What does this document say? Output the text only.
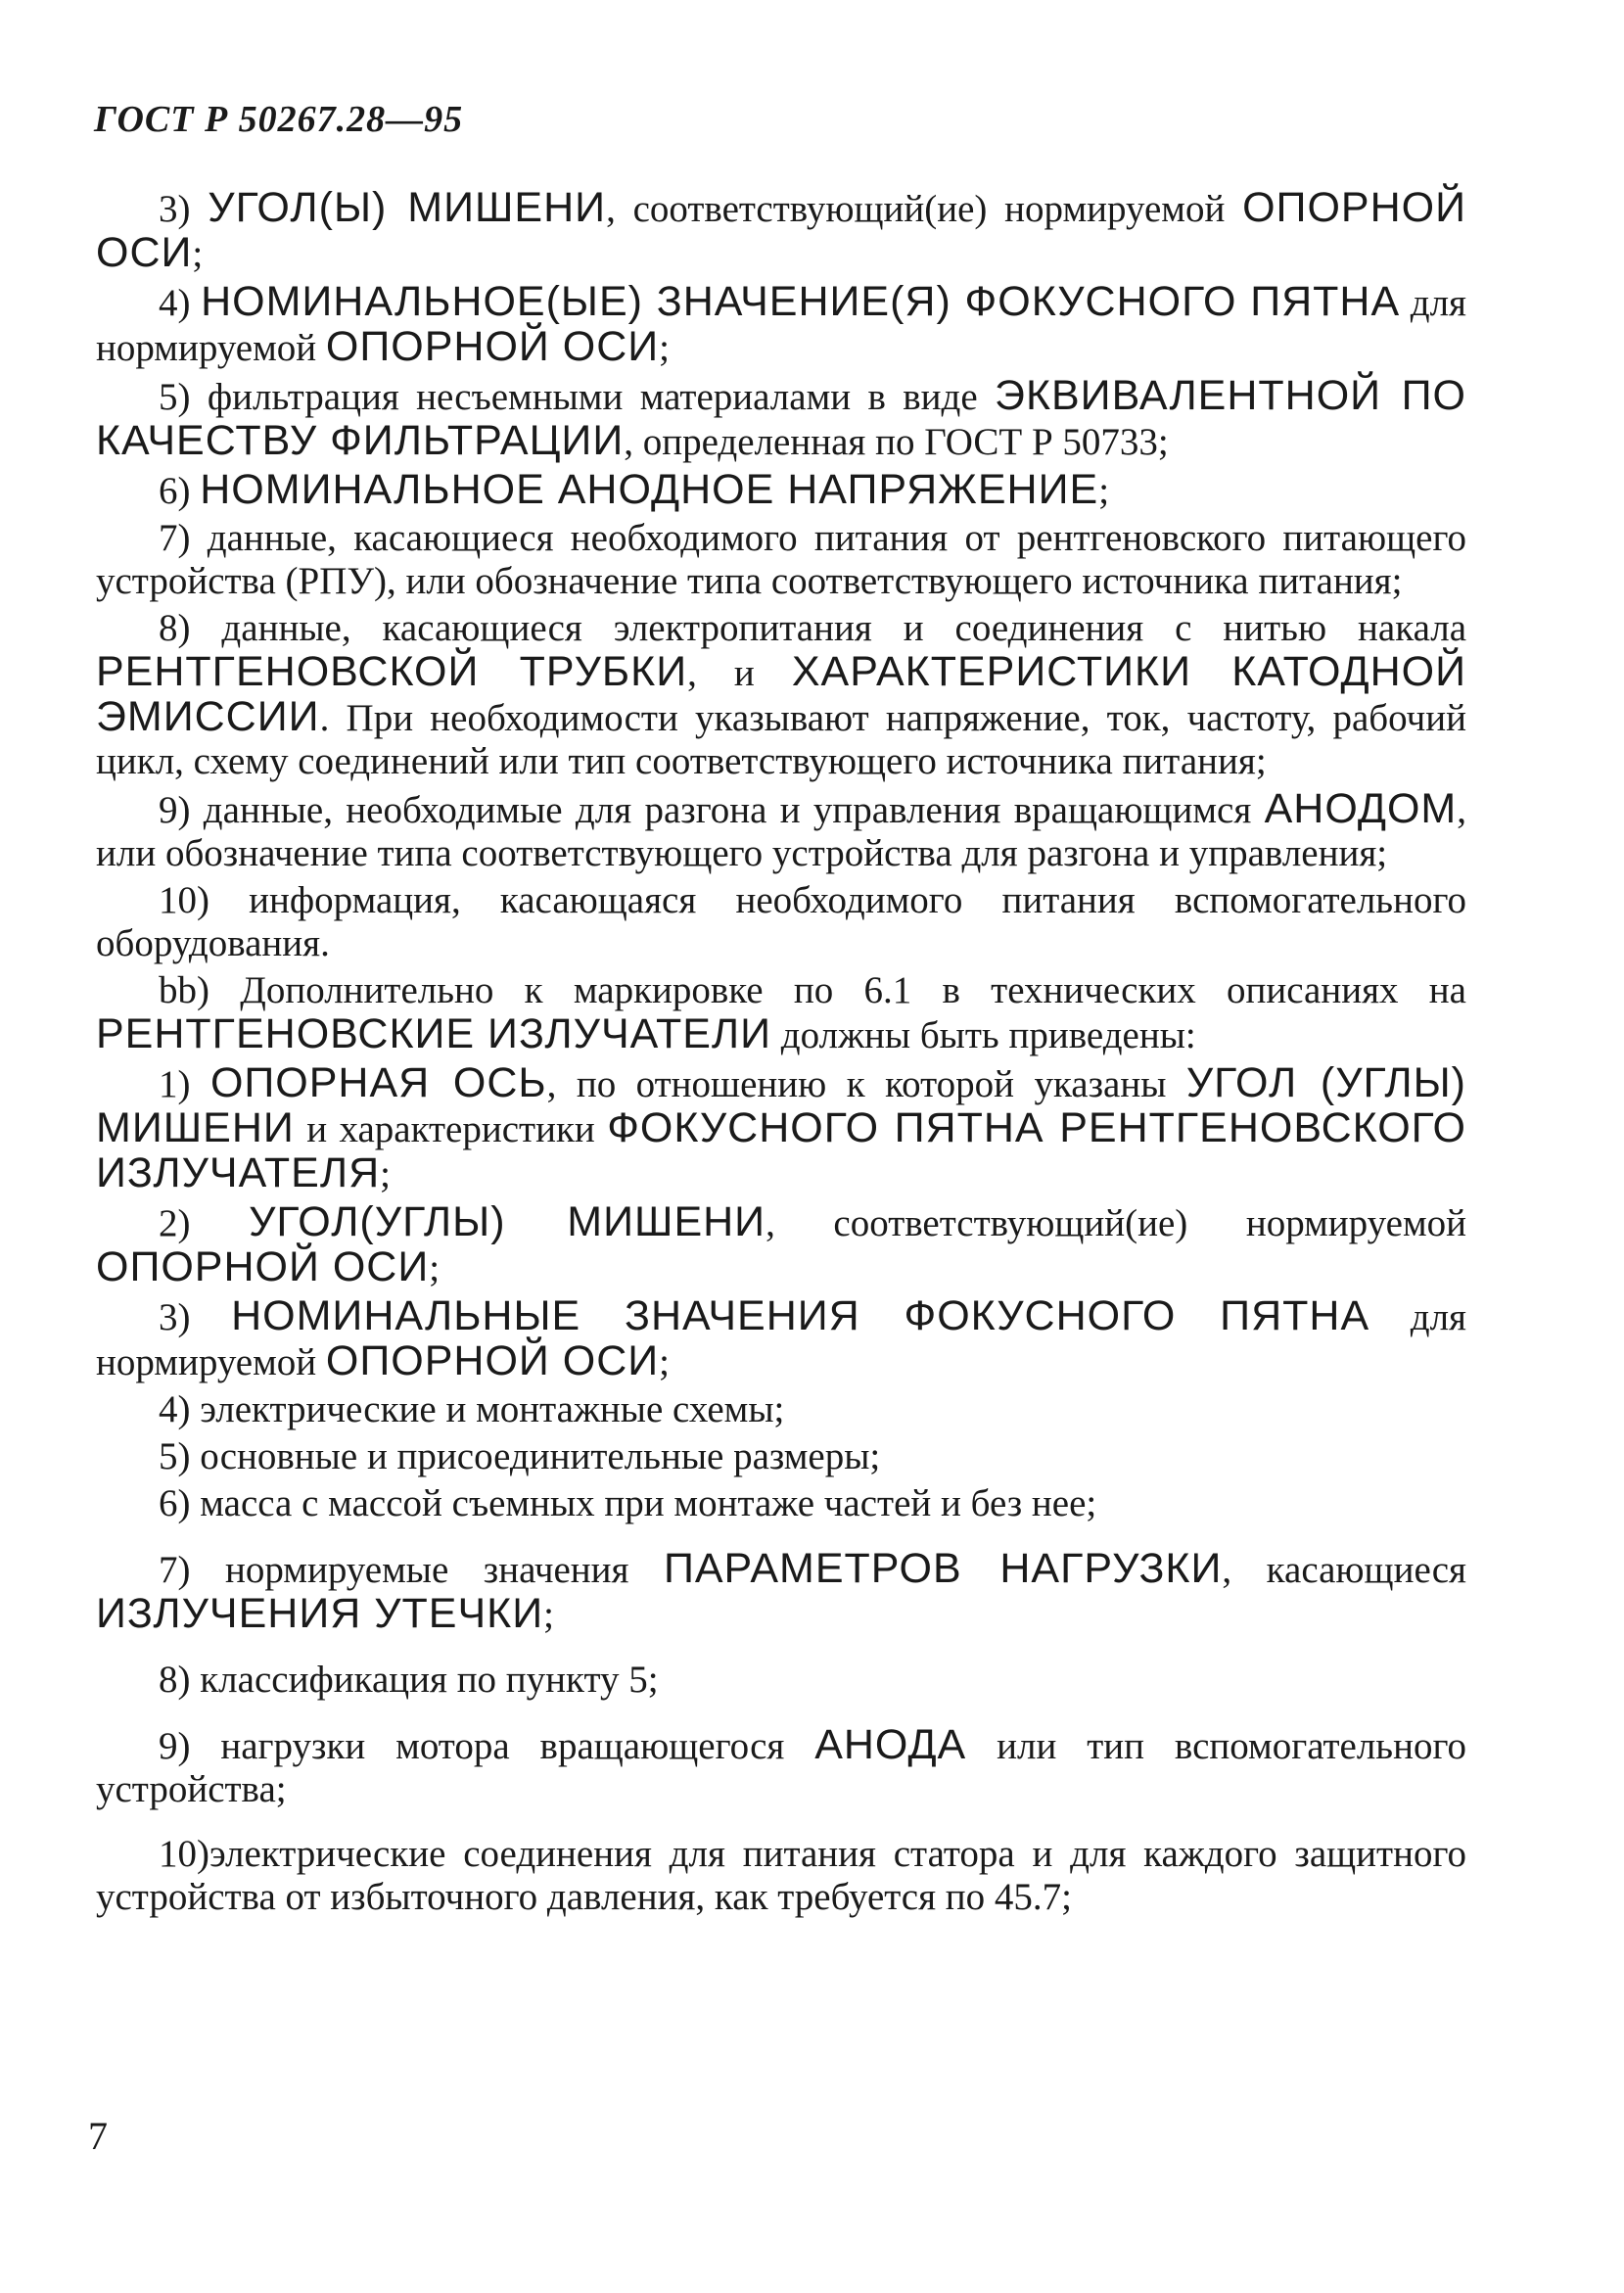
ГОСТ Р 50267.28—95

3) УГОЛ(Ы) МИШЕНИ, соответствующий(ие) нормируемой ОПОРНОЙ ОСИ;

4) НОМИНАЛЬНОЕ(ЫЕ) ЗНАЧЕНИЕ(Я) ФОКУСНОГО ПЯТНА для нормируемой ОПОРНОЙ ОСИ;

5) фильтрация несъемными материалами в виде ЭКВИВАЛЕНТНОЙ ПО КАЧЕСТВУ ФИЛЬТРАЦИИ, определенная по ГОСТ Р 50733;

6) НОМИНАЛЬНОЕ АНОДНОЕ НАПРЯЖЕНИЕ;

7) данные, касающиеся необходимого питания от рентгеновского питающего устройства (РПУ), или обозначение типа соответствующего источника питания;

8) данные, касающиеся электропитания и соединения с нитью накала РЕНТГЕНОВСКОЙ ТРУБКИ, и ХАРАКТЕРИСТИКИ КАТОДНОЙ ЭМИССИИ. При необходимости указывают напряжение, ток, частоту, рабочий цикл, схему соединений или тип соответствующего источника питания;

9) данные, необходимые для разгона и управления вращающимся АНОДОМ, или обозначение типа соответствующего устройства для разгона и управления;

10) информация, касающаяся необходимого питания вспомогательного оборудования.

bb) Дополнительно к маркировке по 6.1 в технических описаниях на РЕНТГЕНОВСКИЕ ИЗЛУЧАТЕЛИ должны быть приведены:

1) ОПОРНАЯ ОСЬ, по отношению к которой указаны УГОЛ (УГЛЫ) МИШЕНИ и характеристики ФОКУСНОГО ПЯТНА РЕНТГЕНОВСКОГО ИЗЛУЧАТЕЛЯ;

2) УГОЛ(УГЛЫ) МИШЕНИ, соответствующий(ие) нормируемой ОПОРНОЙ ОСИ;

3) НОМИНАЛЬНЫЕ ЗНАЧЕНИЯ ФОКУСНОГО ПЯТНА для нормируемой ОПОРНОЙ ОСИ;

4) электрические и монтажные схемы;

5) основные и присоединительные размеры;

6) масса с массой съемных при монтаже частей и без нее;

7) нормируемые значения ПАРАМЕТРОВ НАГРУЗКИ, касающиеся ИЗЛУЧЕНИЯ УТЕЧКИ;

8) классификация по пункту 5;

9) нагрузки мотора вращающегося АНОДА или тип вспомогательного устройства;

10)электрические соединения для питания статора и для каждого защитного устройства от избыточного давления, как требуется по 45.7;

7
